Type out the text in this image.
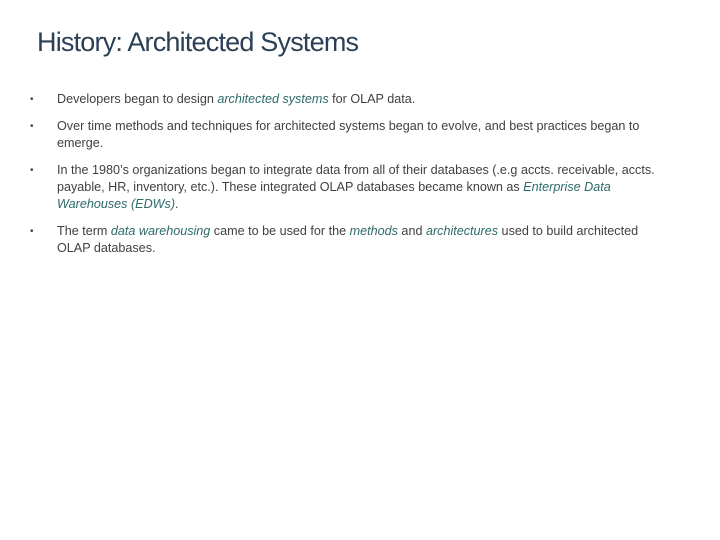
History: Architected Systems
• Developers began to design architected systems for OLAP data.
• Over time methods and techniques for architected systems began to evolve, and best practices began to emerge.
• In the 1980’s organizations began to integrate data from all of their databases (.e.g accts. receivable, accts. payable, HR, inventory, etc.). These integrated OLAP databases became known as Enterprise Data Warehouses (EDWs).
• The term data warehousing came to be used for the methods and architectures used to build architected OLAP databases.
